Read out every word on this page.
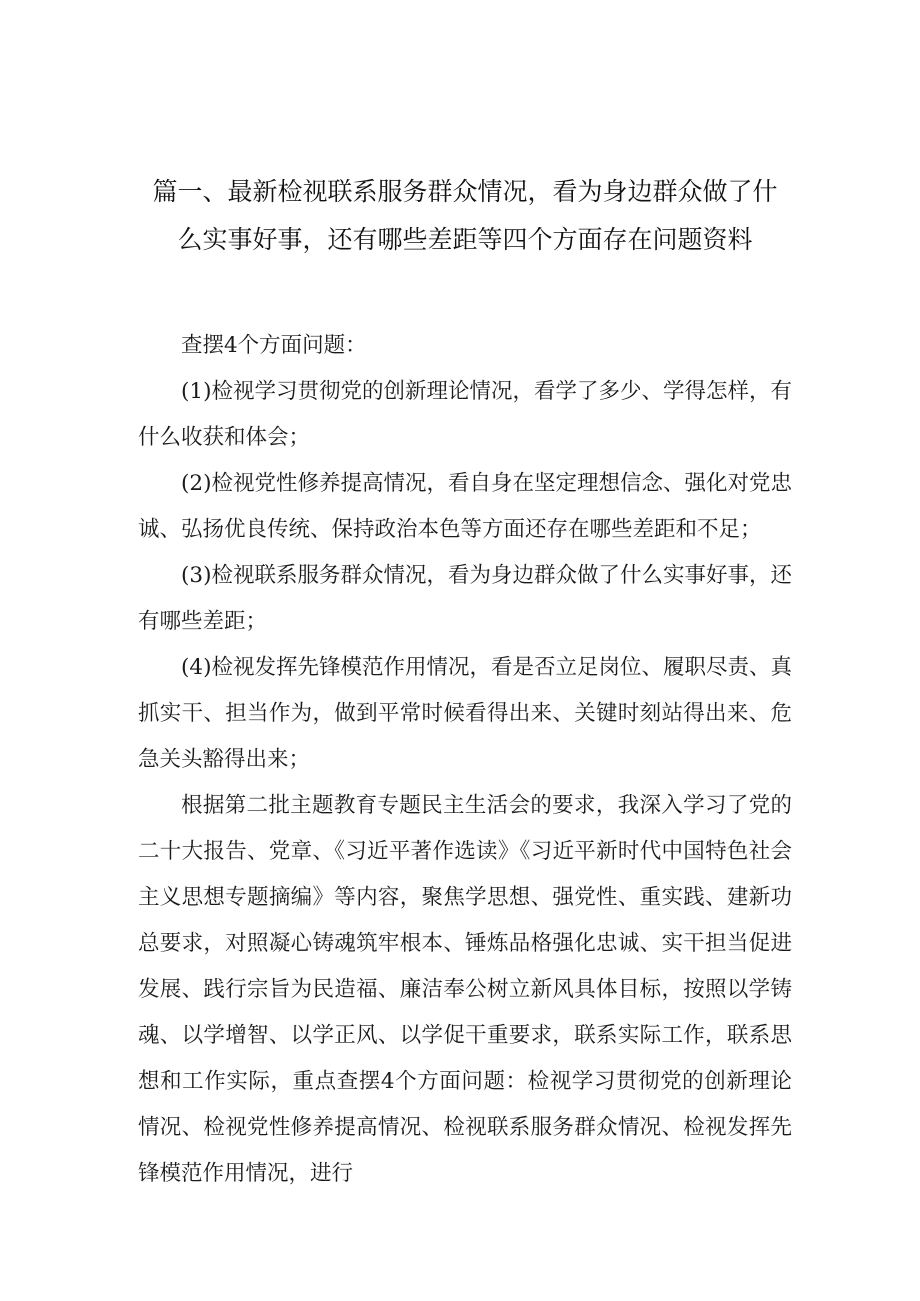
篇一、最新检视联系服务群众情况，看为身边群众做了什
么实事好事，还有哪些差距等四个方面存在问题资料

查摆4个方面问题：

(1)检视学习贯彻党的创新理论情况，看学了多少、学得怎样，有什么收获和体会；

(2)检视党性修养提高情况，看自身在坚定理想信念、强化对党忠诚、弘扬优良传统、保持政治本色等方面还存在哪些差距和不足；

(3)检视联系服务群众情况，看为身边群众做了什么实事好事，还有哪些差距；

(4)检视发挥先锋模范作用情况，看是否立足岗位、履职尽责、真抓实干、担当作为，做到平常时候看得出来、关键时刻站得出来、危急关头豁得出来；

根据第二批主题教育专题民主生活会的要求，我深入学习了党的二十大报告、党章、《习近平著作选读》《习近平新时代中国特色社会主义思想专题摘编》等内容，聚焦学思想、强党性、重实践、建新功总要求，对照凝心铸魂筑牢根本、锤炼品格强化忠诚、实干担当促进发展、践行宗旨为民造福、廉洁奉公树立新风具体目标，按照以学铸魂、以学增智、以学正风、以学促干重要求，联系实际工作，联系思想和工作实际，重点查摆4个方面问题：检视学习贯彻党的创新理论情况、检视党性修养提高情况、检视联系服务群众情况、检视发挥先锋模范作用情况，进行
